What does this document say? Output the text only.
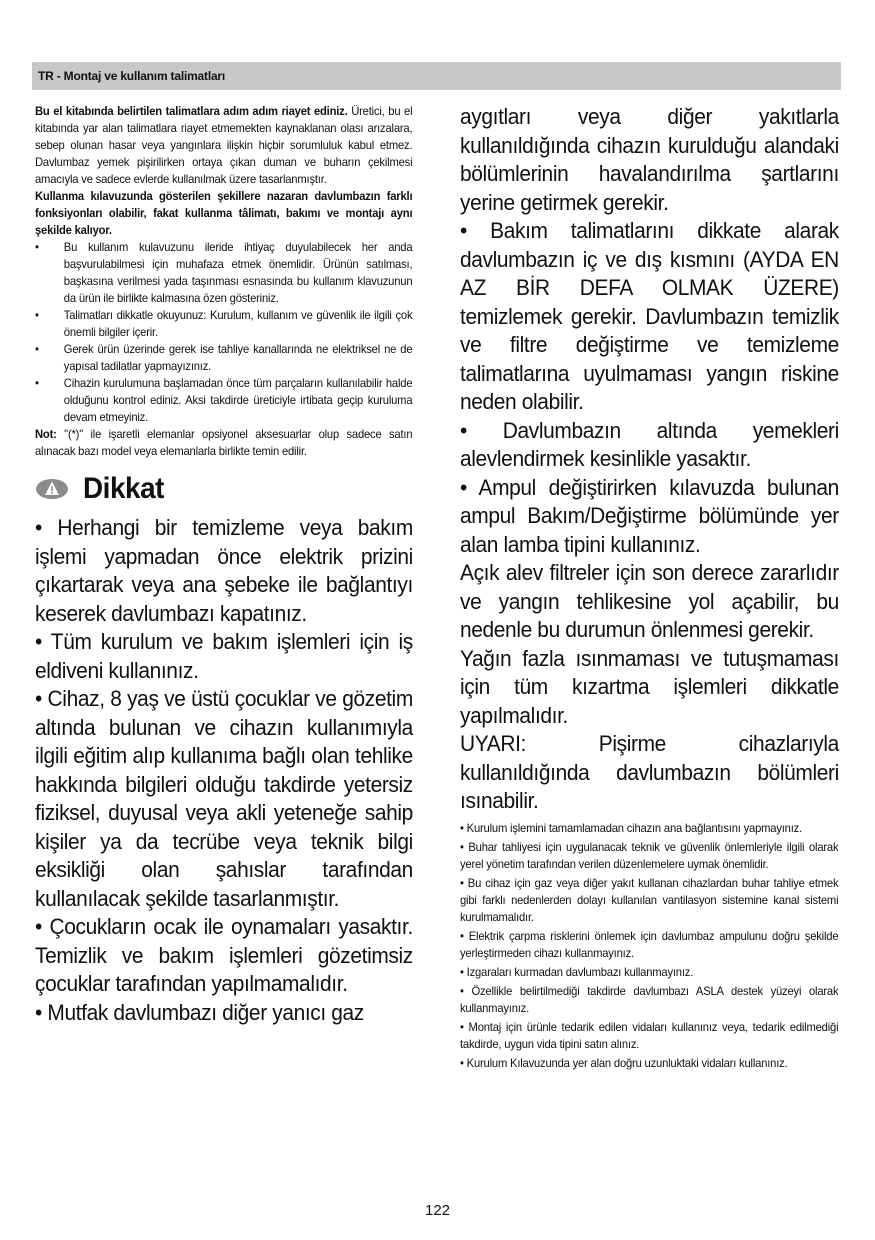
TR - Montaj ve kullanım talimatları

Bu el kitabında belirtilen talimatlara adım adım riayet ediniz. Üretici, bu el kitabında yar alan talimatlara riayet etmemekten kaynaklanan olası arızalara, sebep olunan hasar veya yangınlara ilişkin hiçbir sorumluluk kabul etmez. Davlumbaz yemek pişirilirken ortaya çıkan duman ve buharın çekilmesi amacıyla ve sadece evlerde kullanılmak üzere tasarlanmıştır.

Kullanma kılavuzunda gösterilen şekillere nazaran davlumbazın farklı fonksiyonları olabilir, fakat kullanma tâlimatı, bakımı ve montajı aynı şekilde kalıyor.

• Bu kullanım kulavuzunu ileride ihtiyaç duyulabilecek her anda başvurulabilmesi için muhafaza etmek önemlidir. Ürünün satılması, başkasına verilmesi yada taşınması esnasında bu kullanım klavuzunun da ürün ile birlikte kalmasına özen gösteriniz.
• Talimatları dikkatle okuyunuz: Kurulum, kullanım ve güvenlik ile ilgili çok önemli bilgiler içerir.
• Gerek ürün üzerinde gerek ise tahliye kanallarında ne elektriksel ne de yapısal tadilatlar yapmayızınız.
• Cihazin kurulumuna başlamadan önce tüm parçaların kullanılabilir halde olduğunu kontrol ediniz. Aksi takdirde üreticiyle irtibata geçip kuruluma devam etmeyiniz.

Not: "(*)" ile işaretli elemanlar opsiyonel aksesuarlar olup sadece satın alınacak bazı model veya elemanlarla birlikte temin edilir.

Dikkat

• Herhangi bir temizleme veya bakım işlemi yapmadan önce elektrik prizini çıkartarak veya ana şebeke ile bağlantıyı keserek davlumbazı kapatınız.

• Tüm kurulum ve bakım işlemleri için iş eldiveni kullanınız.

• Cihaz, 8 yaş ve üstü çocuklar ve gözetim altında bulunan ve cihazın kullanımıyla ilgili eğitim alıp kullanıma bağlı olan tehlike hakkında bilgileri olduğu takdirde yetersiz fiziksel, duyusal veya akli yeteneğe sahip kişiler ya da tecrübe veya teknik bilgi eksikliği olan şahıslar tarafından kullanılacak şekilde tasarlanmıştır.

• Çocukların ocak ile oynamaları yasaktır. Temizlik ve bakım işlemleri gözetimsiz çocuklar tarafından yapılmamalıdır.

• Mutfak davlumbazı diğer yanıcı gaz

aygıtları veya diğer yakıtlarla kullanıldığında cihazın kurulduğu alandaki bölümlerinin havalandırılma şartlarını yerine getirmek gerekir.

• Bakım talimatlarını dikkate alarak davlumbazın iç ve dış kısmını (AYDA EN AZ BİR DEFA OLMAK ÜZERE) temizlemek gerekir. Davlumbazın temizlik ve filtre değiştirme ve temizleme talimatlarına uyulmaması yangın riskine neden olabilir.

• Davlumbazın altında yemekleri alevlendirmek kesinlikle yasaktır.

• Ampul değiştirirken kılavuzda bulunan ampul Bakım/Değiştirme bölümünde yer alan lamba tipini kullanınız.

Açık alev filtreler için son derece zararlıdır ve yangın tehlikesine yol açabilir, bu nedenle bu durumun önlenmesi gerekir.

Yağın fazla ısınmaması ve tutuşmaması için tüm kızartma işlemleri dikkatle yapılmalıdır.

UYARI: Pişirme cihazlarıyla kullanıldığında davlumbazın bölümleri ısınabilir.

• Kurulum işlemini tamamlamadan cihazın ana bağlantısını yapmayınız.

• Buhar tahliyesi için uygulanacak teknik ve güvenlik önlemleriyle ilgili olarak yerel yönetim tarafından verilen düzenlemelere uymak önemlidir.

• Bu cihaz için gaz veya diğer yakıt kullanan cihazlardan buhar tahliye etmek gibi farklı nedenlerden dolayı kullanılan vantilasyon sistemine kanal sistemi kurulmamalıdır.

• Elektrik çarpma risklerini önlemek için davlumbaz ampulunu doğru şekilde yerleştirmeden cihazı kullanmayınız.

• Izgaraları kurmadan davlumbazı kullanmayınız.

• Özellikle belirtilmediği takdirde davlumbazı ASLA destek yüzeyi olarak kullanmayınız.

• Montaj için ürünle tedarik edilen vidaları kullanınız veya, tedarik edilmediği takdirde, uygun vida tipini satın alınız.

• Kurulum Kılavuzunda yer alan doğru uzunluktaki vidaları kullanınız.

122
